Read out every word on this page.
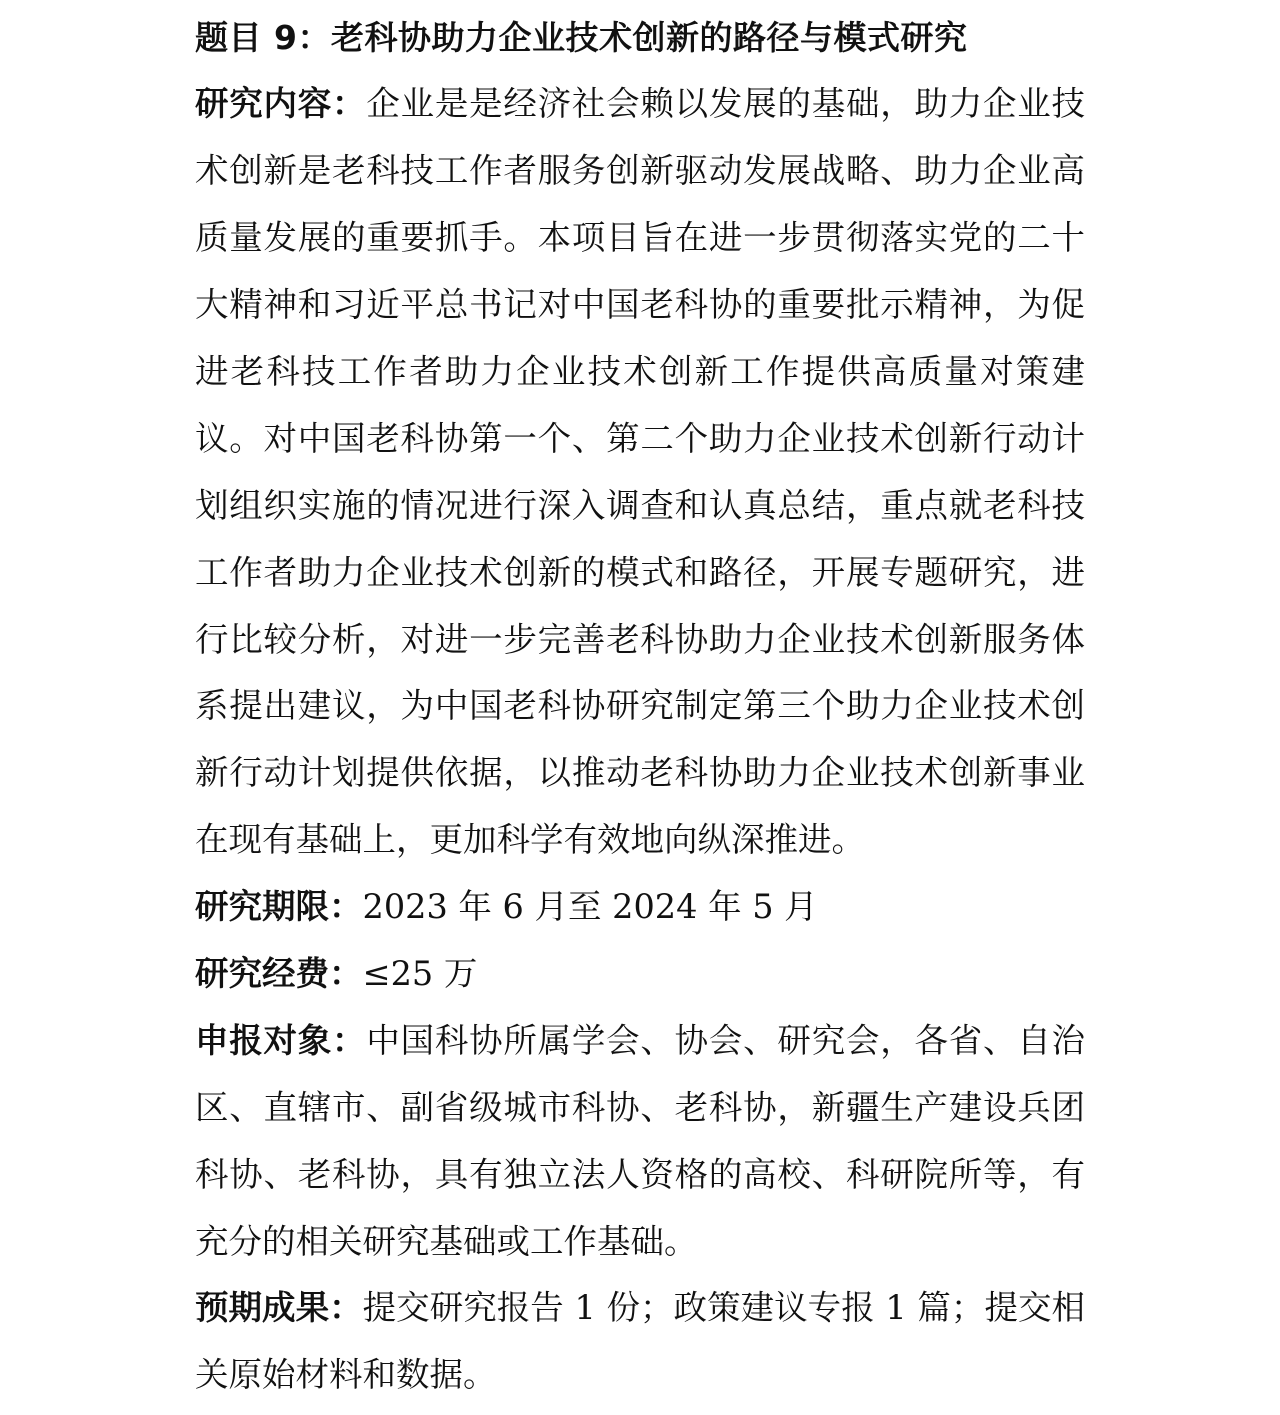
题目 9：老科协助力企业技术创新的路径与模式研究
研究内容：企业是是经济社会赖以发展的基础，助力企业技
术创新是老科技工作者服务创新驱动发展战略、助力企业高
质量发展的重要抓手。本项目旨在进一步贯彻落实党的二十
大精神和习近平总书记对中国老科协的重要批示精神，为促
进老科技工作者助力企业技术创新工作提供高质量对策建
议。对中国老科协第一个、第二个助力企业技术创新行动计
划组织实施的情况进行深入调查和认真总结，重点就老科技
工作者助力企业技术创新的模式和路径，开展专题研究，进
行比较分析，对进一步完善老科协助力企业技术创新服务体
系提出建议，为中国老科协研究制定第三个助力企业技术创
新行动计划提供依据，以推动老科协助力企业技术创新事业
在现有基础上，更加科学有效地向纵深推进。
研究期限：2023 年 6 月至 2024 年 5 月
研究经费：≤25 万
申报对象：中国科协所属学会、协会、研究会，各省、自治
区、直辖市、副省级城市科协、老科协，新疆生产建设兵团
科协、老科协，具有独立法人资格的高校、科研院所等，有
充分的相关研究基础或工作基础。
预期成果：提交研究报告 1 份；政策建议专报 1 篇；提交相
关原始材料和数据。
